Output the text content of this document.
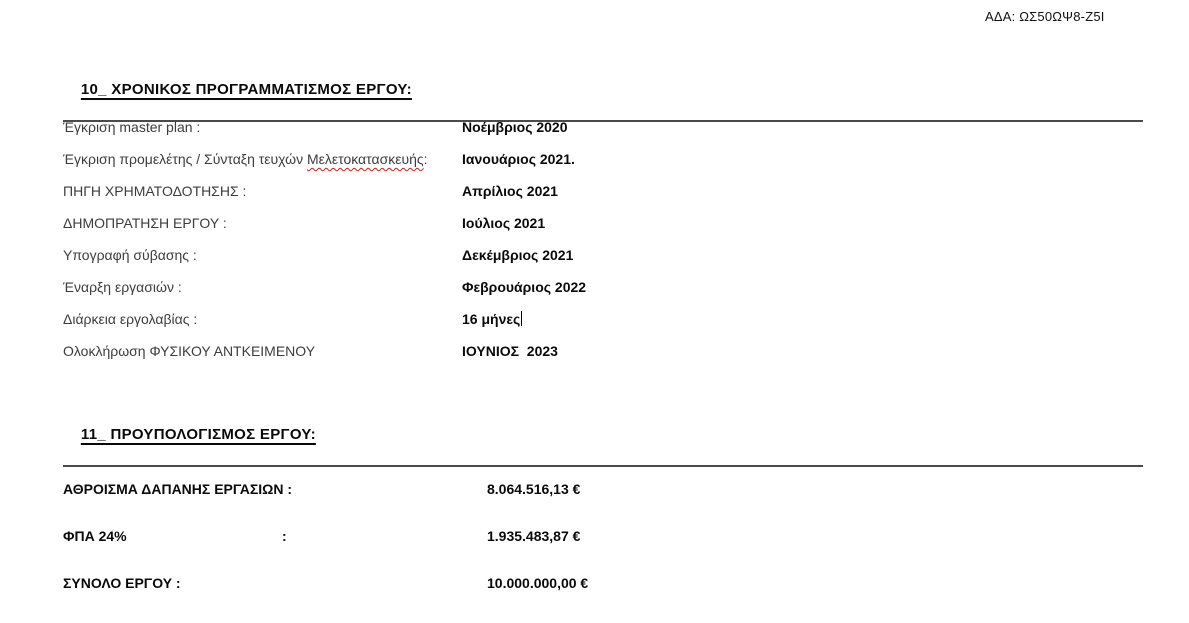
ΑΔΑ: ΩΣ50ΩΨ8-Ζ5Ι

10_ ΧΡΟΝΙΚΟΣ ΠΡΟΓΡΑΜΜΑΤΙΣΜΟΣ ΕΡΓΟΥ:

Έγκριση master plan :	Νοέμβριος 2020
Έγκριση προμελέτης / Σύνταξη τευχών Μελετοκατασκευής: Ιανουάριος 2021.
ΠΗΓΗ ΧΡΗΜΑΤΟΔΟΤΗΣΗΣ :	Απρίλιος 2021
ΔΗΜΟΠΡΑΤΗΣΗ ΕΡΓΟΥ :	Ιούλιος 2021
Υπογραφή σύβασης :	Δεκέμβριος 2021
Έναρξη εργασιών :	Φεβρουάριος 2022
Διάρκεια εργολαβίας :	16 μήνες
Ολοκλήρωση ΦΥΣΙΚΟΥ ΑΝΤΚΕΙΜΕΝΟΥ	ΙΟΥΝΙΟΣ  2023

11_ ΠΡΟΥΠΟΛΟΓΙΣΜΟΣ ΕΡΓΟΥ:

ΑΘΡΟΙΣΜΑ ΔΑΠΑΝΗΣ ΕΡΓΑΣΙΩΝ :	8.064.516,13 €
ΦΠΑ 24%	:	1.935.483,87 €
ΣΥΝΟΛΟ ΕΡΓΟΥ :	10.000.000,00 €
